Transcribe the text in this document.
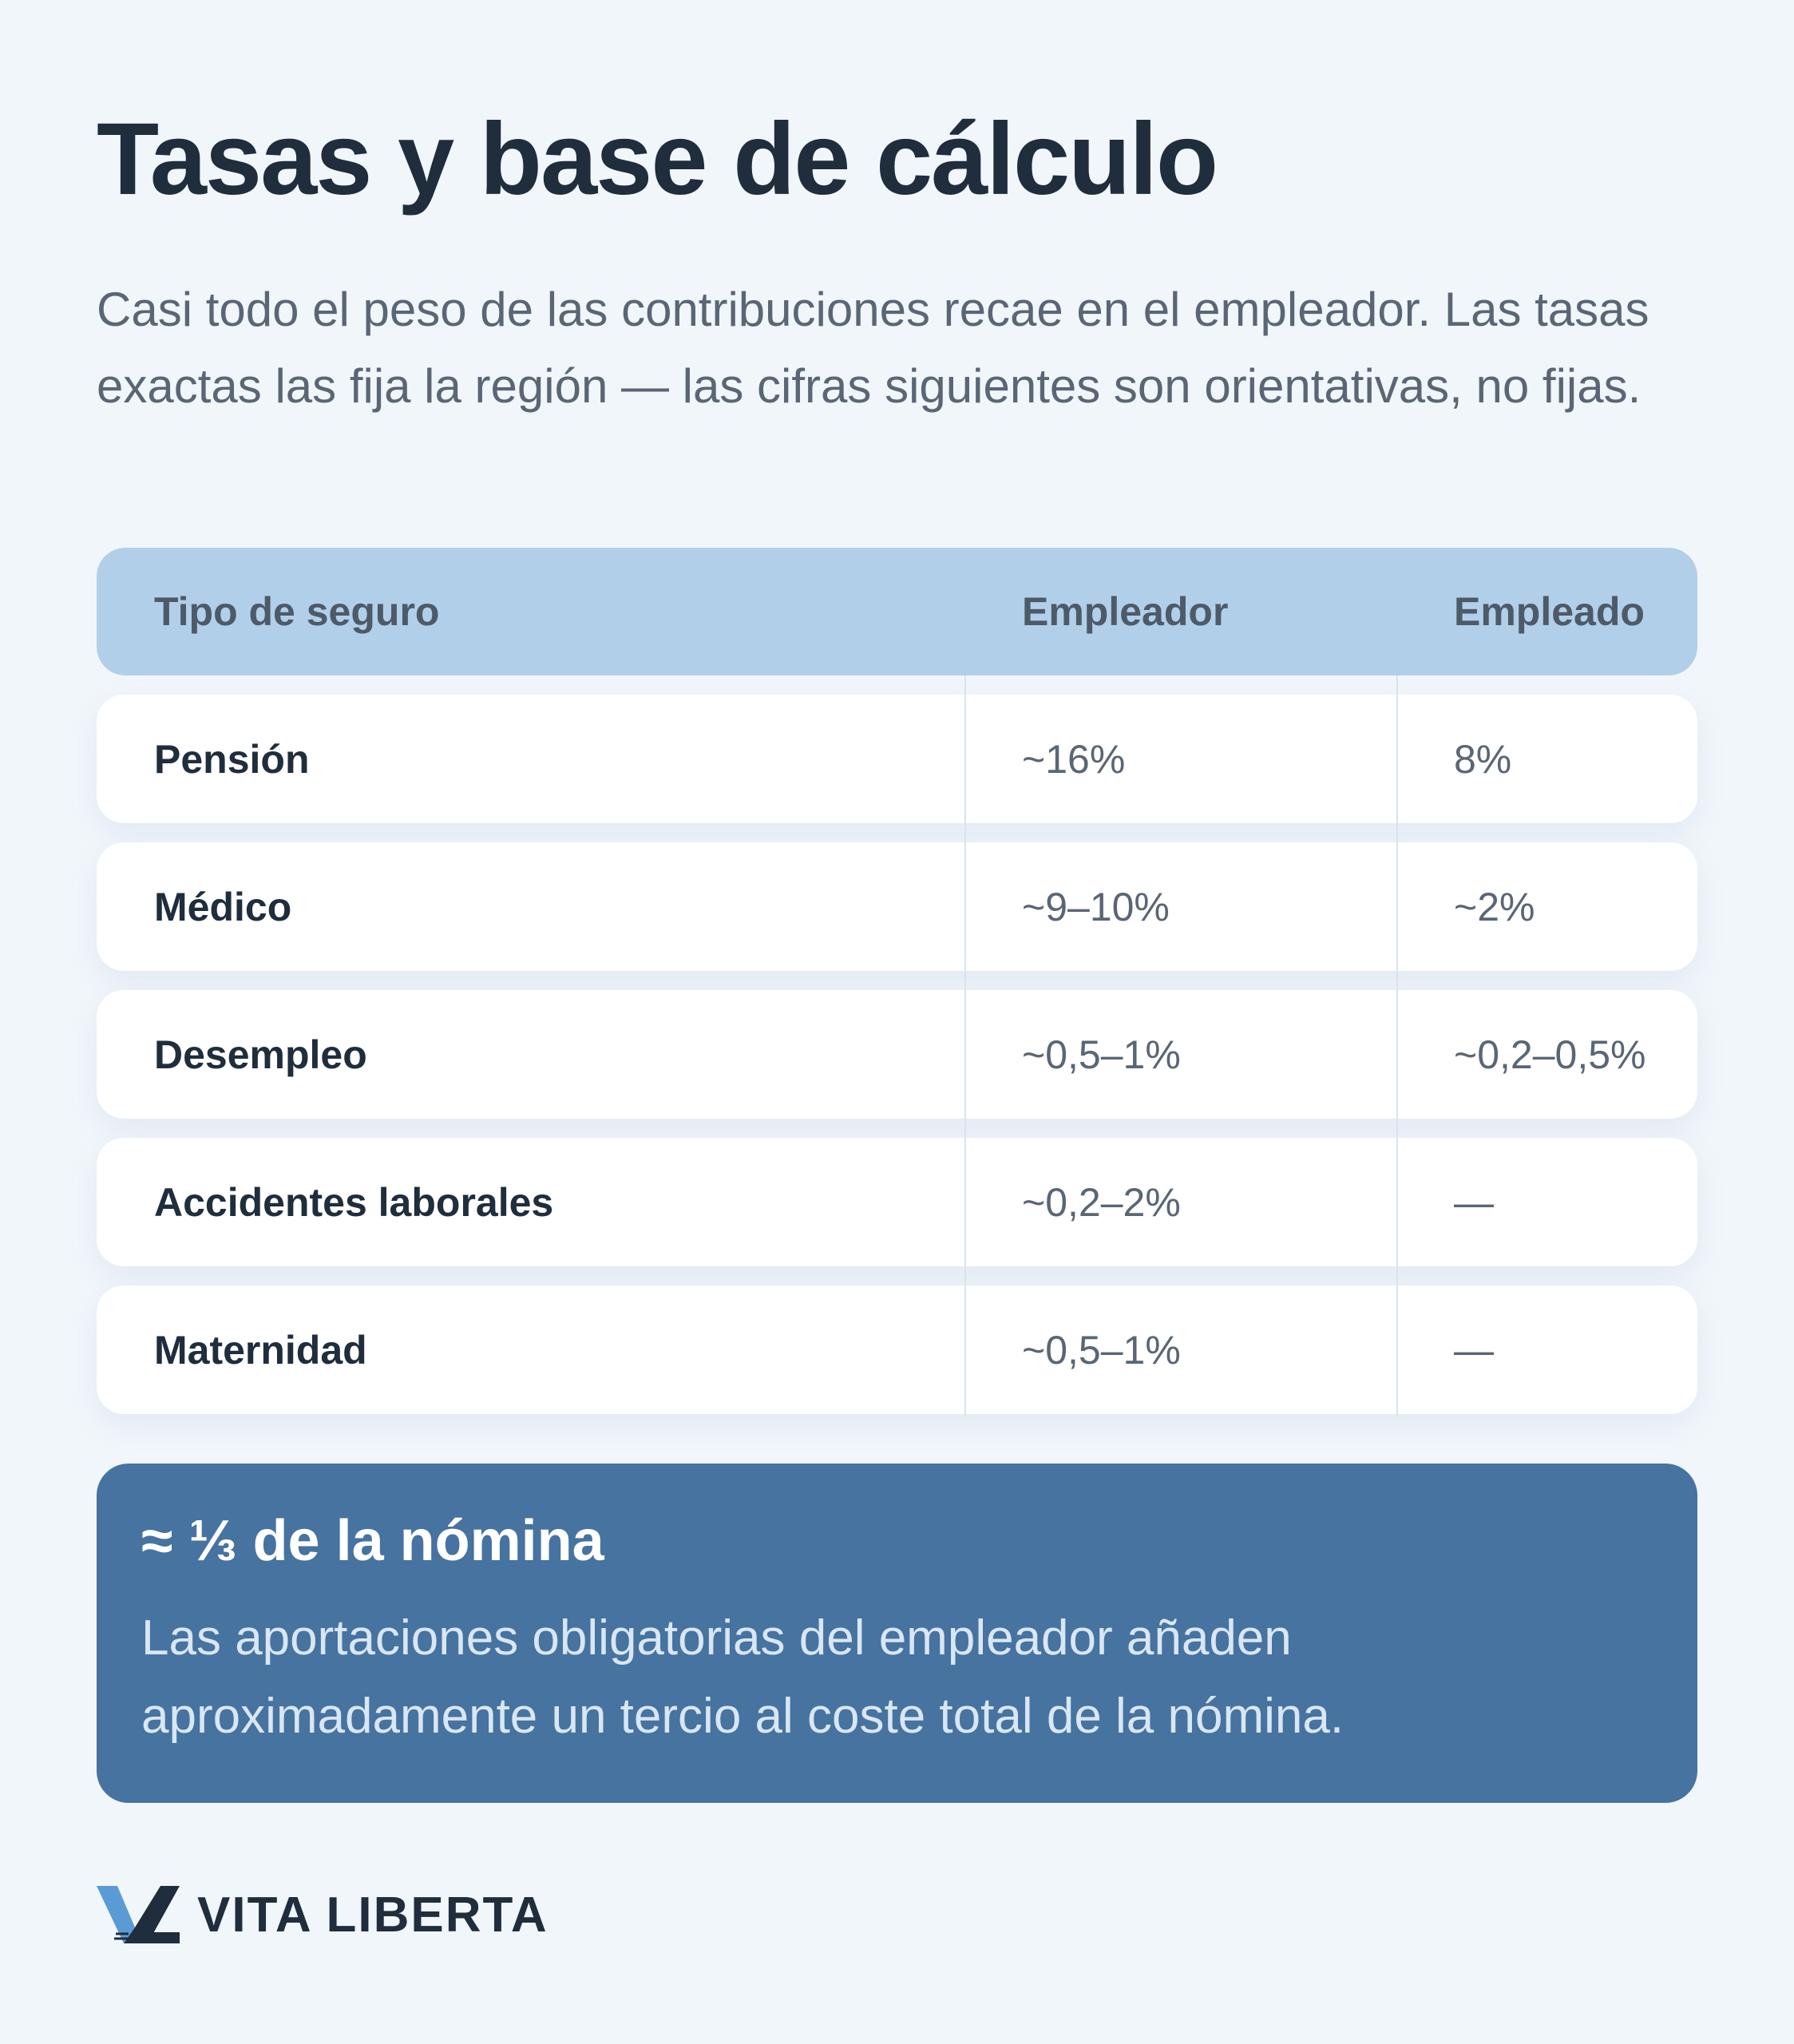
Tasas y base de cálculo

Casi todo el peso de las contribuciones recae en el empleador. Las tasas exactas las fija la región — las cifras siguientes son orientativas, no fijas.

Tipo de seguro	Empleador	Empleado
Pensión	~16%	8%
Médico	~9–10%	~2%
Desempleo	~0,5–1%	~0,2–0,5%
Accidentes laborales	~0,2–2%	—
Maternidad	~0,5–1%	—
≈ ⅓ de la nómina

Las aportaciones obligatorias del empleador añaden aproximadamente un tercio al coste total de la nómina.

VITA LIBERTA
